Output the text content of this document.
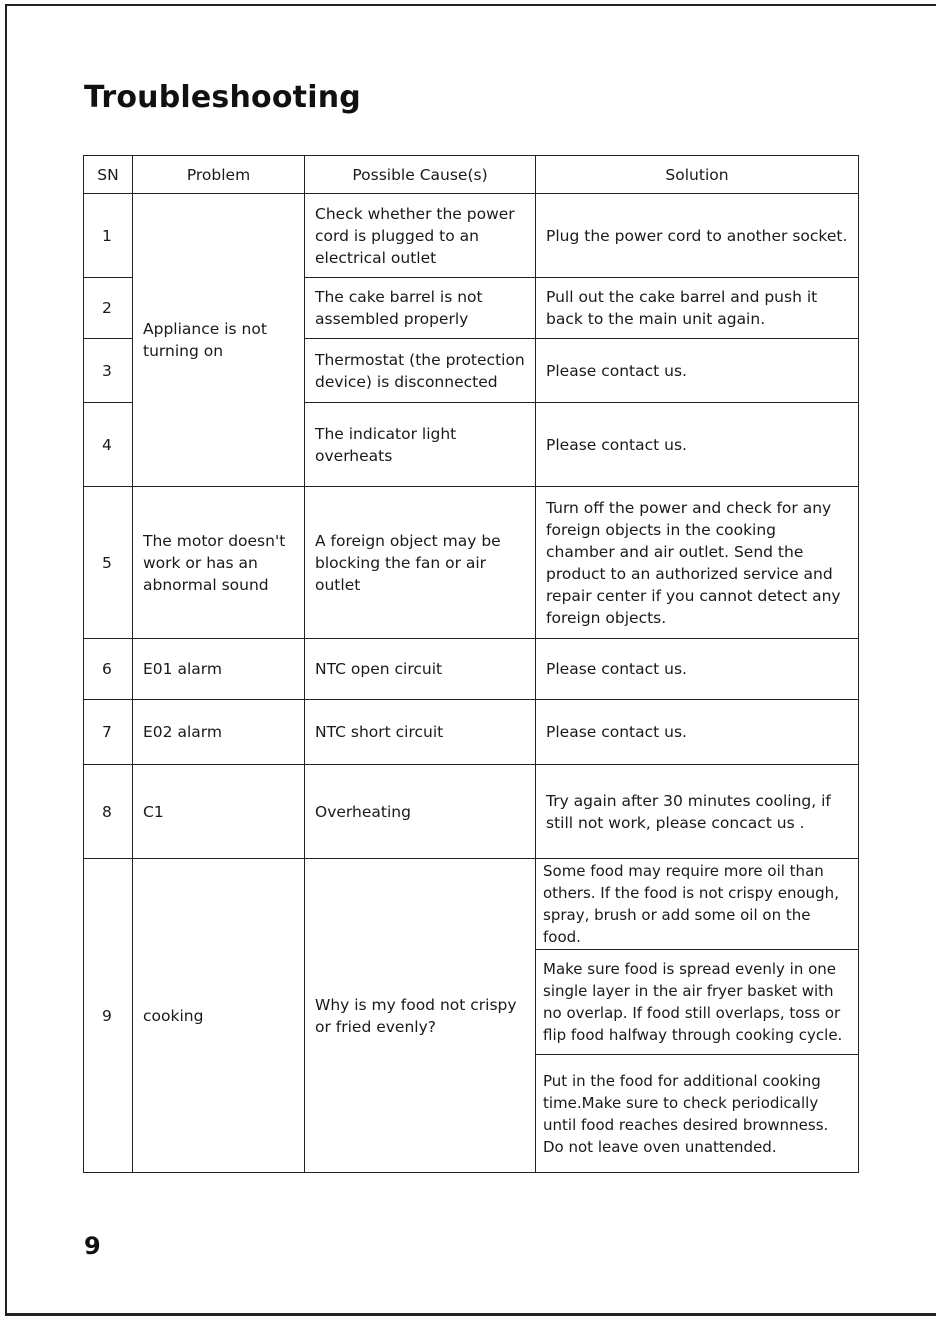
Troubleshooting
SN	Problem	Possible Cause(s)	Solution
1	Appliance is not turning on	Check whether the power cord is plugged to an electrical outlet	Plug the power cord to another socket.
2		The cake barrel is not assembled properly	Pull out the cake barrel and push it back to the main unit again.
3		Thermostat (the protection device) is disconnected	Please contact us.
4		The indicator light overheats	Please contact us.
5	The motor doesn't work or has an abnormal sound	A foreign object may be blocking the fan or air outlet	Turn off the power and check for any foreign objects in the cooking chamber and air outlet. Send the product to an authorized service and repair center if you cannot detect any foreign objects.
6	E01 alarm	NTC open circuit	Please contact us.
7	E02 alarm	NTC short circuit	Please contact us.
8	C1	Overheating	Try again after 30 minutes cooling, if still not work, please concact us .
9	cooking	Why is my food not crispy or fried evenly?	Some food may require more oil than others. If the food is not crispy enough, spray, brush or add some oil on the food.
			Make sure food is spread evenly in one single layer in the air fryer basket with no overlap. If food still overlaps, toss or flip food halfway through cooking cycle.
			Put in the food for additional cooking time.Make sure to check periodically until food reaches desired brownness. Do not leave oven unattended.
9
